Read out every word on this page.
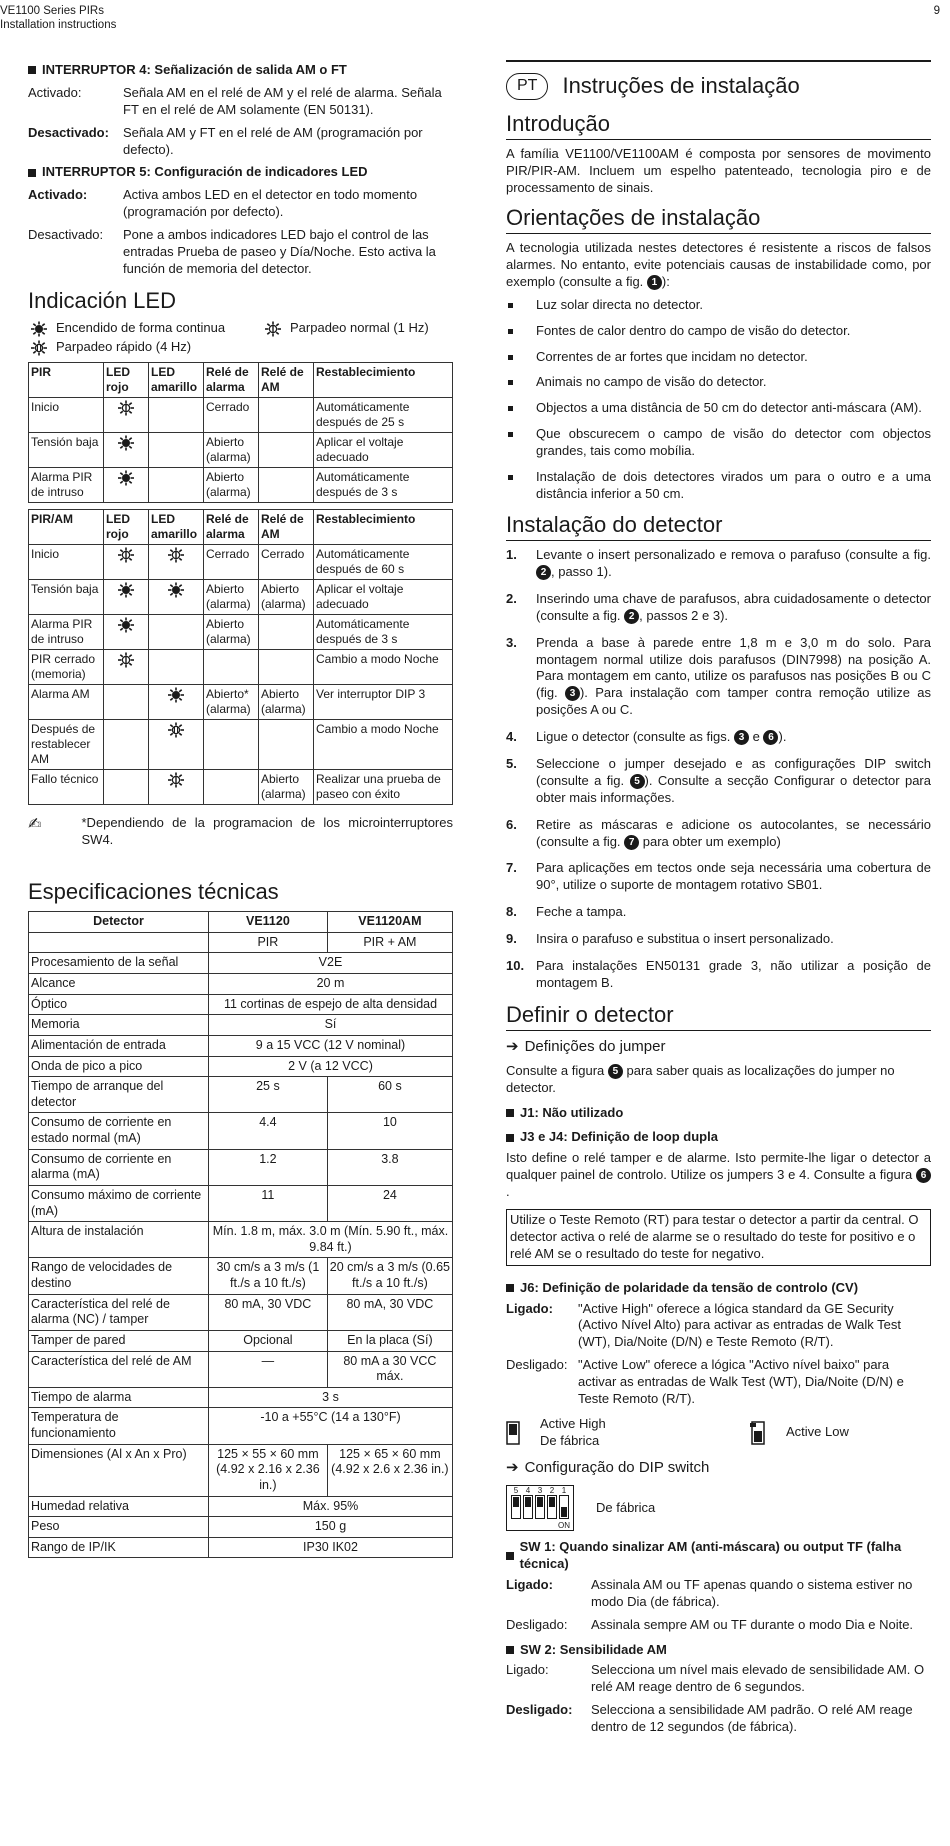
VE1100 Series PIRs
Installation instructions
9
INTERRUPTOR 4: Señalización de salida AM o FT
Activado:	Señala AM en el relé de AM y el relé de alarma. Señala FT en el relé de AM solamente (EN 50131).
Desactivado:	Señala AM y FT en el relé de AM (programación por defecto).
INTERRUPTOR 5: Configuración de indicadores LED
Activado:	Activa ambos LED en el detector en todo momento (programación por defecto).
Desactivado:	Pone a ambos indicadores LED bajo el control de las entradas Prueba de paseo y Día/Noche. Esto activa la función de memoria del detector.
Indicación LED
Encendido de forma continua	Parpadeo normal (1 Hz)
Parpadeo rápido (4 Hz)
PIR	LED rojo	LED amarillo	Relé de alarma	Relé de AM	Restablecimiento
Inicio			Cerrado		Automáticamente después de 25 s
Tensión baja			Abierto (alarma)		Aplicar el voltaje adecuado
Alarma PIR de intruso			Abierto (alarma)		Automáticamente después de 3 s
PIR/AM	LED rojo	LED amarillo	Relé de alarma	Relé de AM	Restablecimiento
Inicio			Cerrado	Cerrado	Automáticamente después de 60 s
Tensión baja			Abierto (alarma)	Abierto (alarma)	Aplicar el voltaje adecuado
Alarma PIR de intruso			Abierto (alarma)		Automáticamente después de 3 s
PIR cerrado (memoria)					Cambio a modo Noche
Alarma AM			Abierto* (alarma)	Abierto (alarma)	Ver interruptor DIP 3
Después de restablecer AM					Cambio a modo Noche
Fallo técnico				Abierto (alarma)	Realizar una prueba de paseo con éxito
✍	*Dependiendo de la programacion de los microinterruptores SW4.
Especificaciones técnicas
Detector	VE1120	VE1120AM
	PIR	PIR + AM
Procesamiento de la señal	V2E	
Alcance	20 m	
Óptico	11 cortinas de espejo de alta densidad	
Memoria	Sí	
Alimentación de entrada	9 a 15 VCC (12 V nominal)	
Onda de pico a pico	2 V (a 12 VCC)	
Tiempo de arranque del detector	25 s	60 s
Consumo de corriente en estado normal (mA)	4.4	10
Consumo de corriente en alarma (mA)	1.2	3.8
Consumo máximo de corriente (mA)	11	24
Altura de instalación	Mín. 1.8 m, máx. 3.0 m (Mín. 5.90 ft., máx. 9.84 ft.)	
Rango de velocidades de destino	30 cm/s a 3 m/s (1 ft./s a 10 ft./s)	20 cm/s a 3 m/s (0.65 ft./s a 10 ft./s)
Característica del relé de alarma (NC) / tamper	80 mA, 30 VDC	80 mA, 30 VDC
Tamper de pared	Opcional	En la placa (Sí)
Característica del relé de AM	—	80 mA a 30 VCC máx.
Tiempo de alarma	3 s	
Temperatura de funcionamiento	-10 a +55°C (14 a 130°F)	
Dimensiones (Al x An x Pro)	125 × 55 × 60 mm (4.92 x 2.16 x 2.36 in.)	125 × 65 × 60 mm (4.92 x 2.6 x 2.36 in.)
Humedad relativa	Máx. 95%	
Peso	150 g	
Rango de IP/IK	IP30 IK02	
PT	Instruções de instalação
Introdução
A família VE1100/VE1100AM é composta por sensores de movimento PIR/PIR-AM. Incluem um espelho patenteado, tecnologia piro e de processamento de sinais.
Orientações de instalação
A tecnologia utilizada nestes detectores é resistente a riscos de falsos alarmes. No entanto, evite potenciais causas de instabilidade como, por exemplo (consulte a fig. 1 ):
Luz solar directa no detector.
Fontes de calor dentro do campo de visão do detector.
Correntes de ar fortes que incidam no detector.
Animais no campo de visão do detector.
Objectos a uma distância de 50 cm do detector anti-máscara (AM).
Que obscurecem o campo de visão do detector com objectos grandes, tais como mobília.
Instalação de dois detectores virados um para o outro e a uma distância inferior a 50 cm.
Instalação do detector
1.	Levante o insert personalizado e remova o parafuso (consulte a fig. 2 , passo 1).
2.	Inserindo uma chave de parafusos, abra cuidadosamente o detector (consulte a fig. 2 , passos 2 e 3).
3.	Prenda a base à parede entre 1,8 m e 3,0 m do solo. Para montagem normal utilize dois parafusos (DIN7998) na posição A. Para montagem em canto, utilize os parafusos nas posições B ou C (fig. 3 ). Para instalação com tamper contra remoção utilize as posições A ou C.
4.	Ligue o detector (consulte as figs. 3 e 6 ).
5.	Seleccione o jumper desejado e as configurações DIP switch (consulte a fig. 5 ). Consulte a secção Configurar o detector para obter mais informações.
6.	Retire as máscaras e adicione os autocolantes, se necessário (consulte a fig. 7 para obter um exemplo)
7.	Para aplicações em tectos onde seja necessária uma cobertura de 90°, utilize o suporte de montagem rotativo SB01.
8.	Feche a tampa.
9.	Insira o parafuso e substitua o insert personalizado.
10. Para instalações EN50131 grade 3, não utilizar a posição de montagem B.
Definir o detector
➔ Definições do jumper
Consulte a figura 5 para saber quais as localizações do jumper no detector.
J1: Não utilizado
J3 e J4: Definição de loop dupla
Isto define o relé tamper e de alarme. Isto permite-lhe ligar o detector a qualquer painel de controlo. Utilize os jumpers 3 e 4. Consulte a figura 6.
Utilize o Teste Remoto (RT) para testar o detector a partir da central. O detector activa o relé de alarme se o resultado do teste for positivo e o relé AM se o resultado do teste for negativo.
J6: Definição de polaridade da tensão de controlo (CV)
Ligado:	"Active High" oferece a lógica standard da GE Security (Activo Nível Alto) para activar as entradas de Walk Test (WT), Dia/Noite (D/N) e Teste Remoto (R/T).
Desligado: "Active Low" oferece a lógica "Activo nível baixo" para activar as entradas de Walk Test (WT), Dia/Noite (D/N) e Teste Remoto (R/T).
Active High
De fábrica
Active Low
➔ Configuração do DIP switch
5 4 3 2 1
ON
De fábrica
SW 1: Quando sinalizar AM (anti-máscara) ou output TF (falha técnica)
Ligado:	Assinala AM ou TF apenas quando o sistema estiver no modo Dia (de fábrica).
Desligado:	Assinala sempre AM ou TF durante o modo Dia e Noite.
SW 2: Sensibilidade AM
Ligado:	Selecciona um nível mais elevado de sensibilidade AM. O relé AM reage dentro de 6 segundos.
Desligado:	Selecciona a sensibilidade AM padrão. O relé AM reage dentro de 12 segundos (de fábrica).
